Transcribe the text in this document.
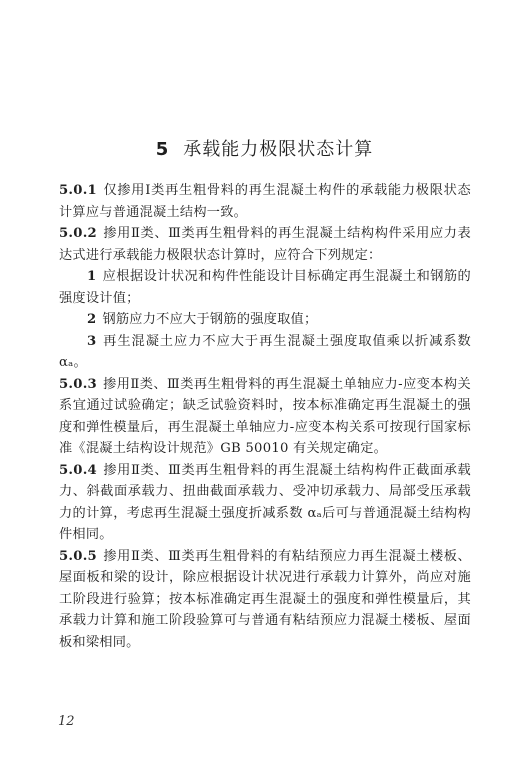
5 承载能力极限状态计算

5.0.1 仅掺用Ⅰ类再生粗骨料的再生混凝土构件的承载能力极限状态计算应与普通混凝土结构一致。

5.0.2 掺用Ⅱ类、Ⅲ类再生粗骨料的再生混凝土结构构件采用应力表达式进行承载能力极限状态计算时，应符合下列规定：

1 应根据设计状况和构件性能设计目标确定再生混凝土和钢筋的强度设计值；

2 钢筋应力不应大于钢筋的强度取值；

3 再生混凝土应力不应大于再生混凝土强度取值乘以折减系数 αₐ。

5.0.3 掺用Ⅱ类、Ⅲ类再生粗骨料的再生混凝土单轴应力-应变本构关系宜通过试验确定；缺乏试验资料时，按本标准确定再生混凝土的强度和弹性模量后，再生混凝土单轴应力-应变本构关系可按现行国家标准《混凝土结构设计规范》GB 50010 有关规定确定。

5.0.4 掺用Ⅱ类、Ⅲ类再生粗骨料的再生混凝土结构构件正截面承载力、斜截面承载力、扭曲截面承载力、受冲切承载力、局部受压承载力的计算，考虑再生混凝土强度折减系数 αₐ后可与普通混凝土结构构件相同。

5.0.5 掺用Ⅱ类、Ⅲ类再生粗骨料的有粘结预应力再生混凝土楼板、屋面板和梁的设计，除应根据设计状况进行承载力计算外，尚应对施工阶段进行验算；按本标准确定再生混凝土的强度和弹性模量后，其承载力计算和施工阶段验算可与普通有粘结预应力混凝土楼板、屋面板和梁相同。

12
